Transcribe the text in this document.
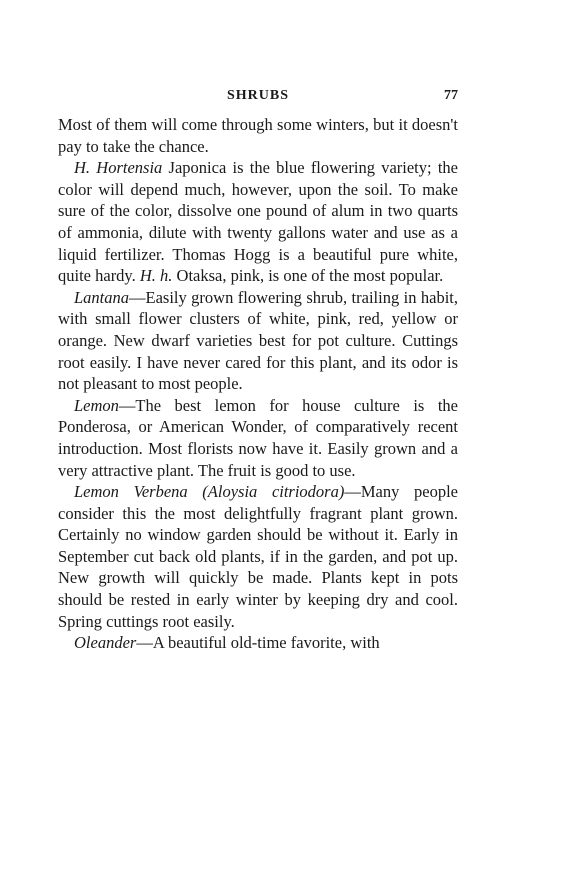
SHRUBS	77

Most of them will come through some winters, but it doesn't pay to take the chance.

H. Hortensia Japonica is the blue flowering variety; the color will depend much, however, upon the soil. To make sure of the color, dissolve one pound of alum in two quarts of ammonia, dilute with twenty gallons water and use as a liquid fertilizer. Thomas Hogg is a beautiful pure white, quite hardy. H. h. Otaksa, pink, is one of the most popular.

Lantana—Easily grown flowering shrub, trailing in habit, with small flower clusters of white, pink, red, yellow or orange. New dwarf varieties best for pot culture. Cuttings root easily. I have never cared for this plant, and its odor is not pleasant to most people.

Lemon—The best lemon for house culture is the Ponderosa, or American Wonder, of comparatively recent introduction. Most florists now have it. Easily grown and a very attractive plant. The fruit is good to use.

Lemon Verbena (Aloysia citriodora)—Many people consider this the most delightfully fragrant plant grown. Certainly no window garden should be without it. Early in September cut back old plants, if in the garden, and pot up. New growth will quickly be made. Plants kept in pots should be rested in early winter by keeping dry and cool. Spring cuttings root easily.

Oleander—A beautiful old-time favorite, with
